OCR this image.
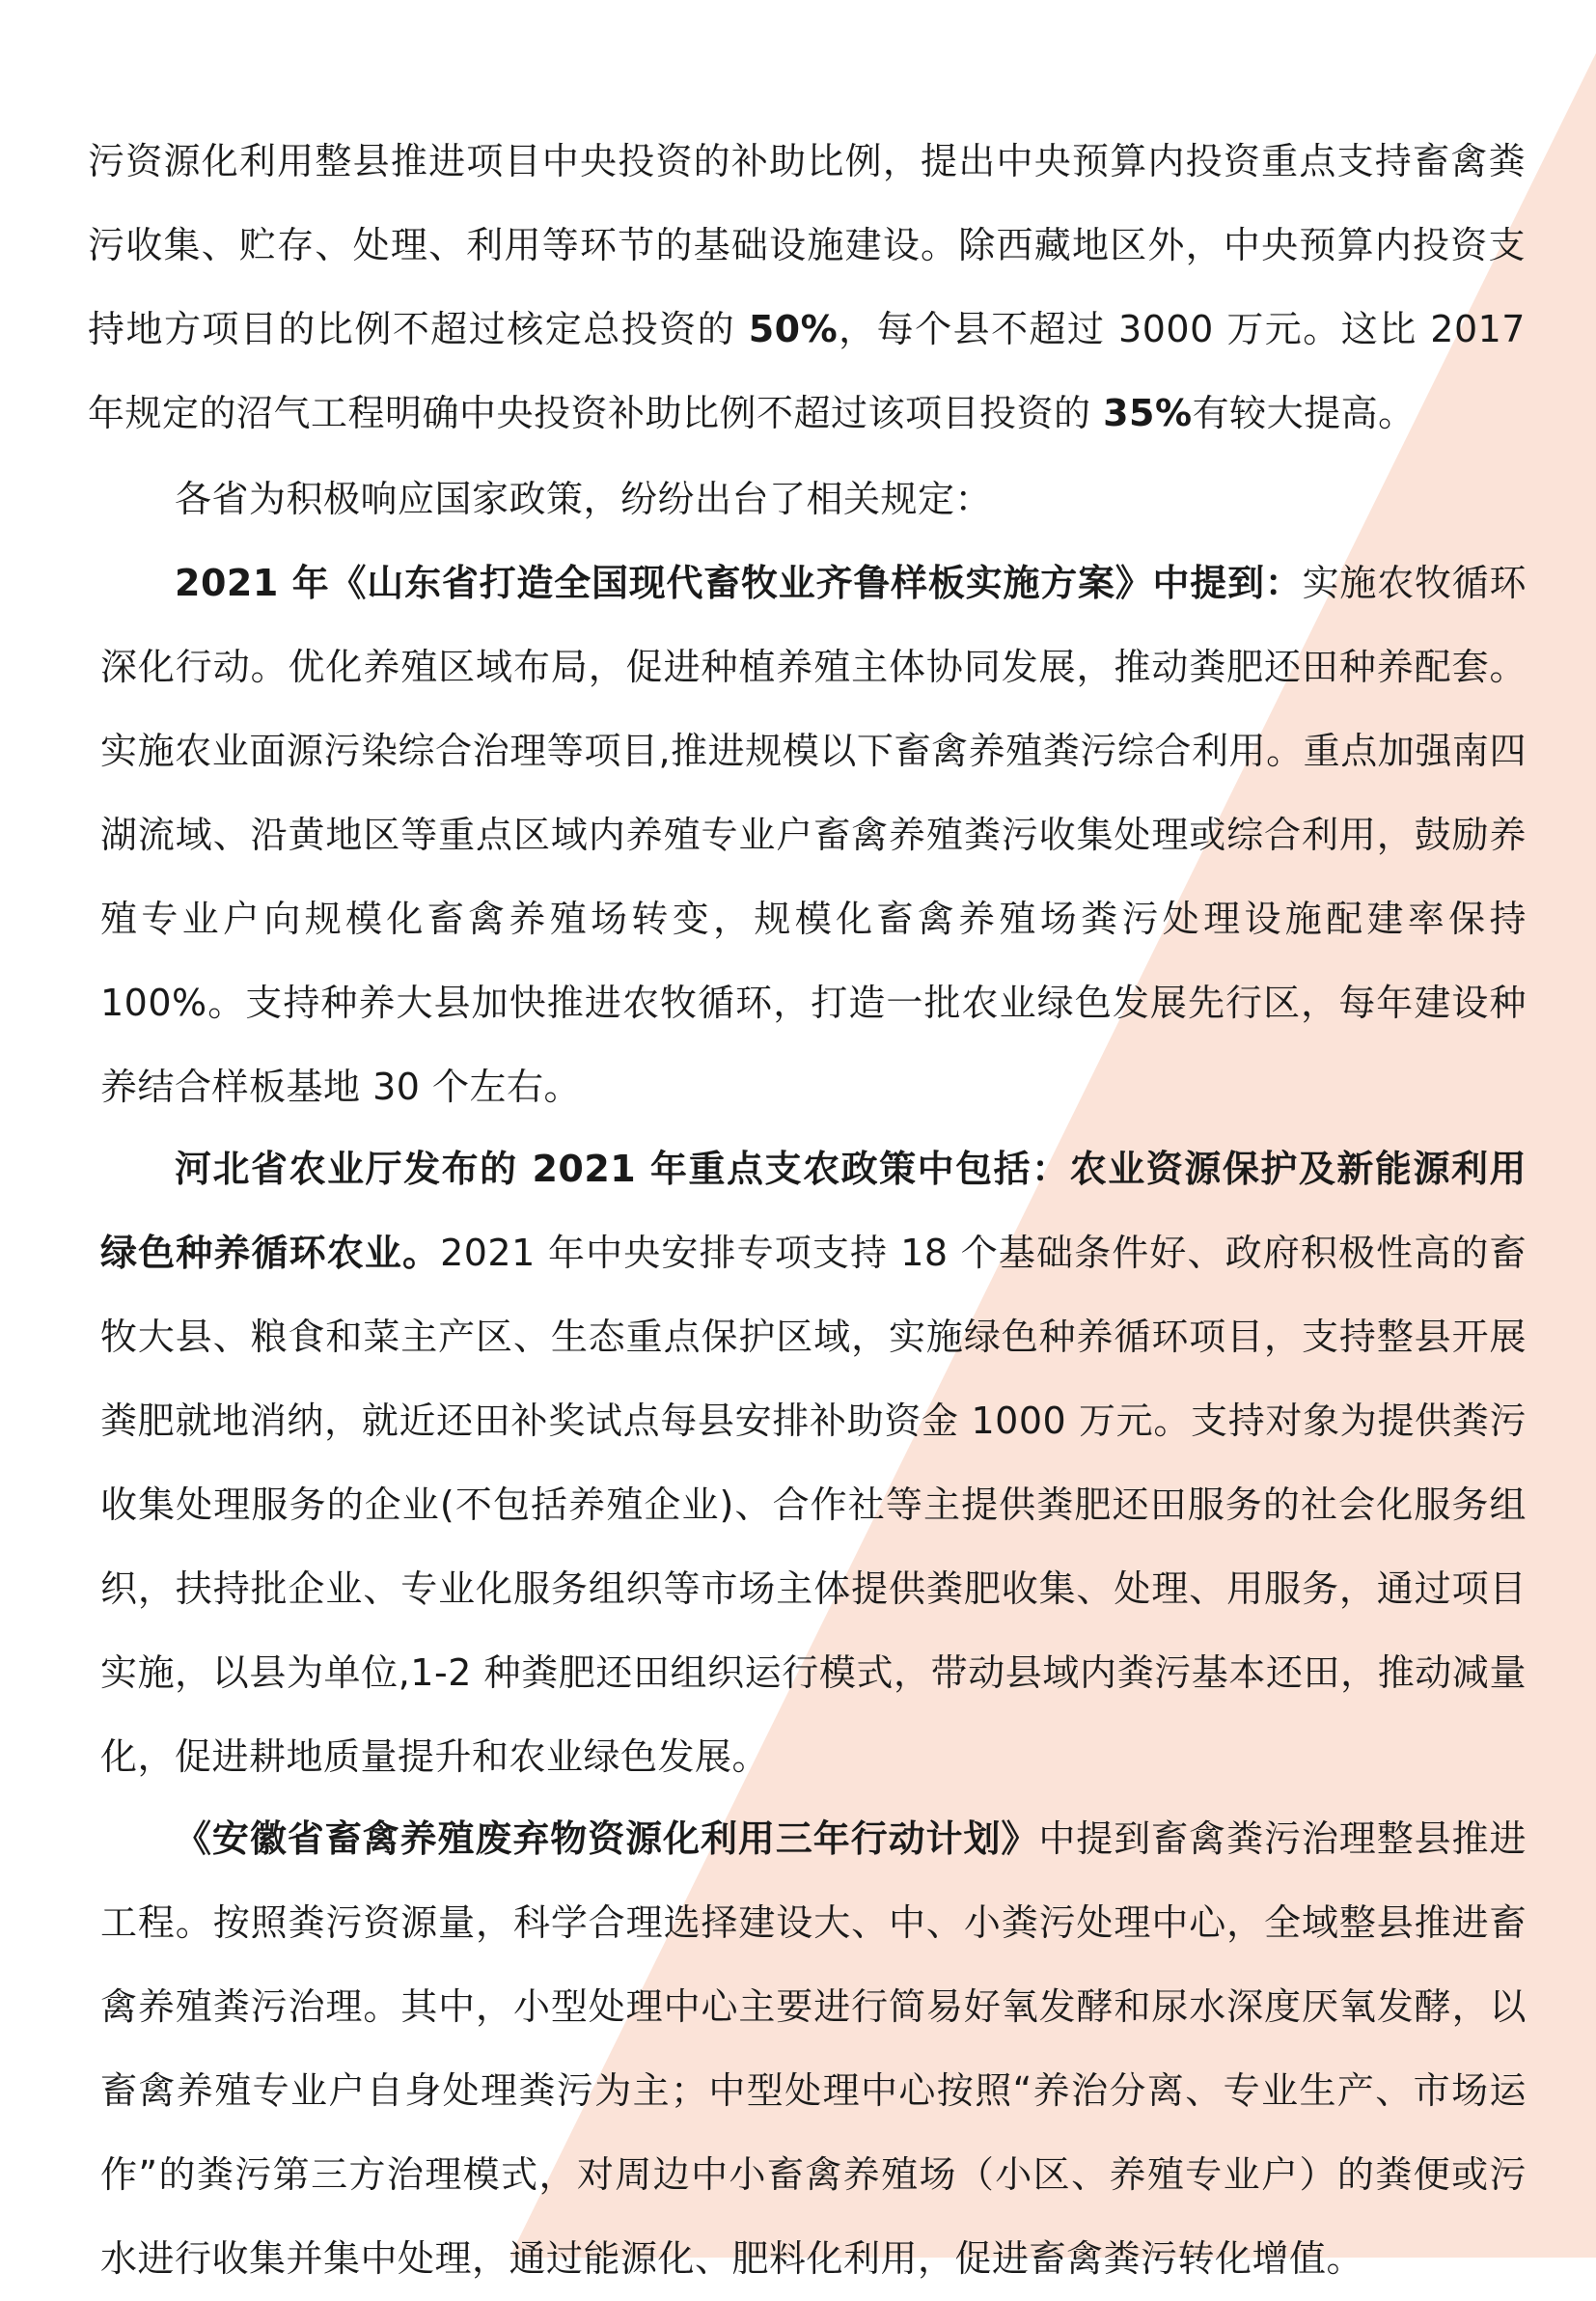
污资源化利用整县推进项目中央投资的补助比例，提出中央预算内投资重点支持畜禽粪污收集、贮存、处理、利用等环节的基础设施建设。除西藏地区外，中央预算内投资支持地方项目的比例不超过核定总投资的 50%，每个县不超过 3000 万元。这比 2017 年规定的沼气工程明确中央投资补助比例不超过该项目投资的 35%有较大提高。

各省为积极响应国家政策，纷纷出台了相关规定：

2021 年《山东省打造全国现代畜牧业齐鲁样板实施方案》中提到：实施农牧循环深化行动。优化养殖区域布局，促进种植养殖主体协同发展，推动粪肥还田种养配套。实施农业面源污染综合治理等项目,推进规模以下畜禽养殖粪污综合利用。重点加强南四湖流域、沿黄地区等重点区域内养殖专业户畜禽养殖粪污收集处理或综合利用，鼓励养殖专业户向规模化畜禽养殖场转变，规模化畜禽养殖场粪污处理设施配建率保持 100%。支持种养大县加快推进农牧循环，打造一批农业绿色发展先行区，每年建设种养结合样板基地 30 个左右。

河北省农业厅发布的 2021 年重点支农政策中包括：农业资源保护及新能源利用绿色种养循环农业。2021 年中央安排专项支持 18 个基础条件好、政府积极性高的畜牧大县、粮食和菜主产区、生态重点保护区域，实施绿色种养循环项目，支持整县开展粪肥就地消纳，就近还田补奖试点每县安排补助资金 1000 万元。支持对象为提供粪污收集处理服务的企业(不包括养殖企业)、合作社等主提供粪肥还田服务的社会化服务组织，扶持批企业、专业化服务组织等市场主体提供粪肥收集、处理、用服务，通过项目实施，以县为单位,1-2 种粪肥还田组织运行模式，带动县域内粪污基本还田，推动减量化，促进耕地质量提升和农业绿色发展。

《安徽省畜禽养殖废弃物资源化利用三年行动计划》中提到畜禽粪污治理整县推进工程。按照粪污资源量，科学合理选择建设大、中、小粪污处理中心，全域整县推进畜禽养殖粪污治理。其中，小型处理中心主要进行简易好氧发酵和尿水深度厌氧发酵，以畜禽养殖专业户自身处理粪污为主；中型处理中心按照“养治分离、专业生产、市场运作”的粪污第三方治理模式，对周边中小畜禽养殖场（小区、养殖专业户）的粪便或污水进行收集并集中处理，通过能源化、肥料化利用，促进畜禽粪污转化增值。
